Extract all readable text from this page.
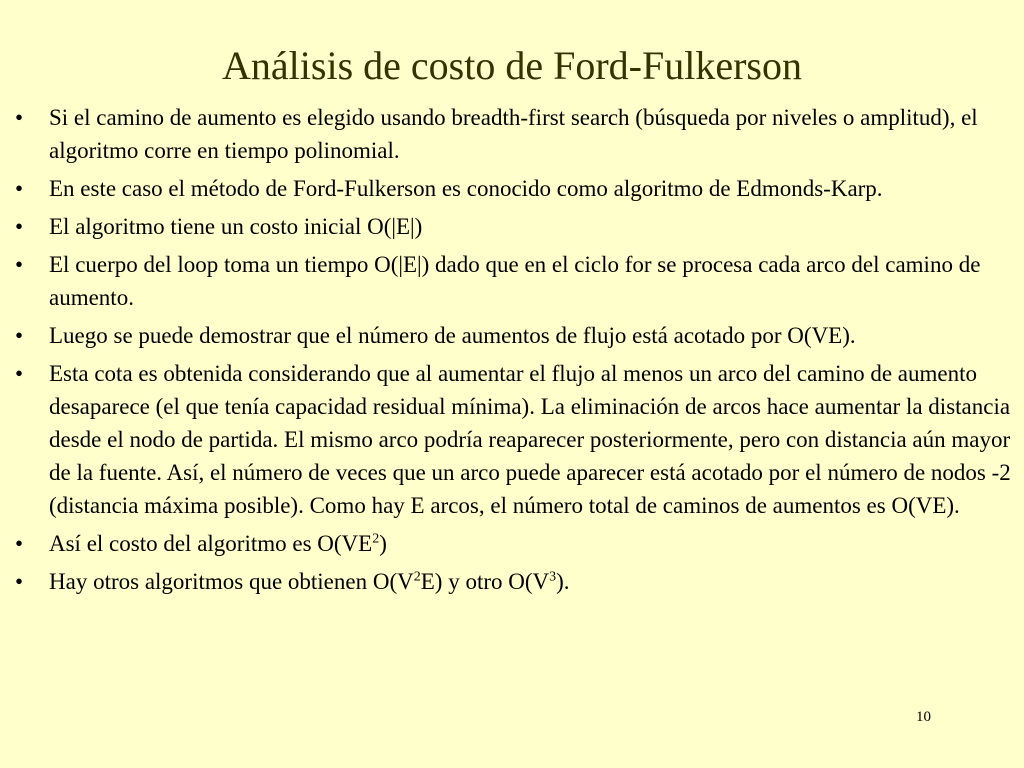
Análisis de costo de Ford-Fulkerson
• Si el camino de aumento es elegido usando breadth-first search (búsqueda por niveles o amplitud), el algoritmo corre en tiempo polinomial.
• En este caso el método de Ford-Fulkerson es conocido como algoritmo de Edmonds-Karp.
• El algoritmo tiene un costo inicial O(|E|)
• El cuerpo del loop toma un tiempo O(|E|) dado que en el ciclo for se procesa cada arco del camino de aumento.
• Luego se puede demostrar que el número de aumentos de flujo está acotado por O(VE).
• Esta cota es obtenida considerando que al aumentar el flujo al menos un arco del camino de aumento desaparece (el que tenía capacidad residual mínima). La eliminación de arcos hace aumentar la distancia desde el nodo de partida. El mismo arco podría reaparecer posteriormente, pero con distancia aún mayor de la fuente. Así, el número de veces que un arco puede aparecer está acotado por el número de nodos -2 (distancia máxima posible). Como hay E arcos, el número total de caminos de aumentos es O(VE).
• Así el costo del algoritmo es $O(VE^2)$
• Hay otros algoritmos que obtienen $O(V^2E)$ y otro $O(V^3)$.
10
